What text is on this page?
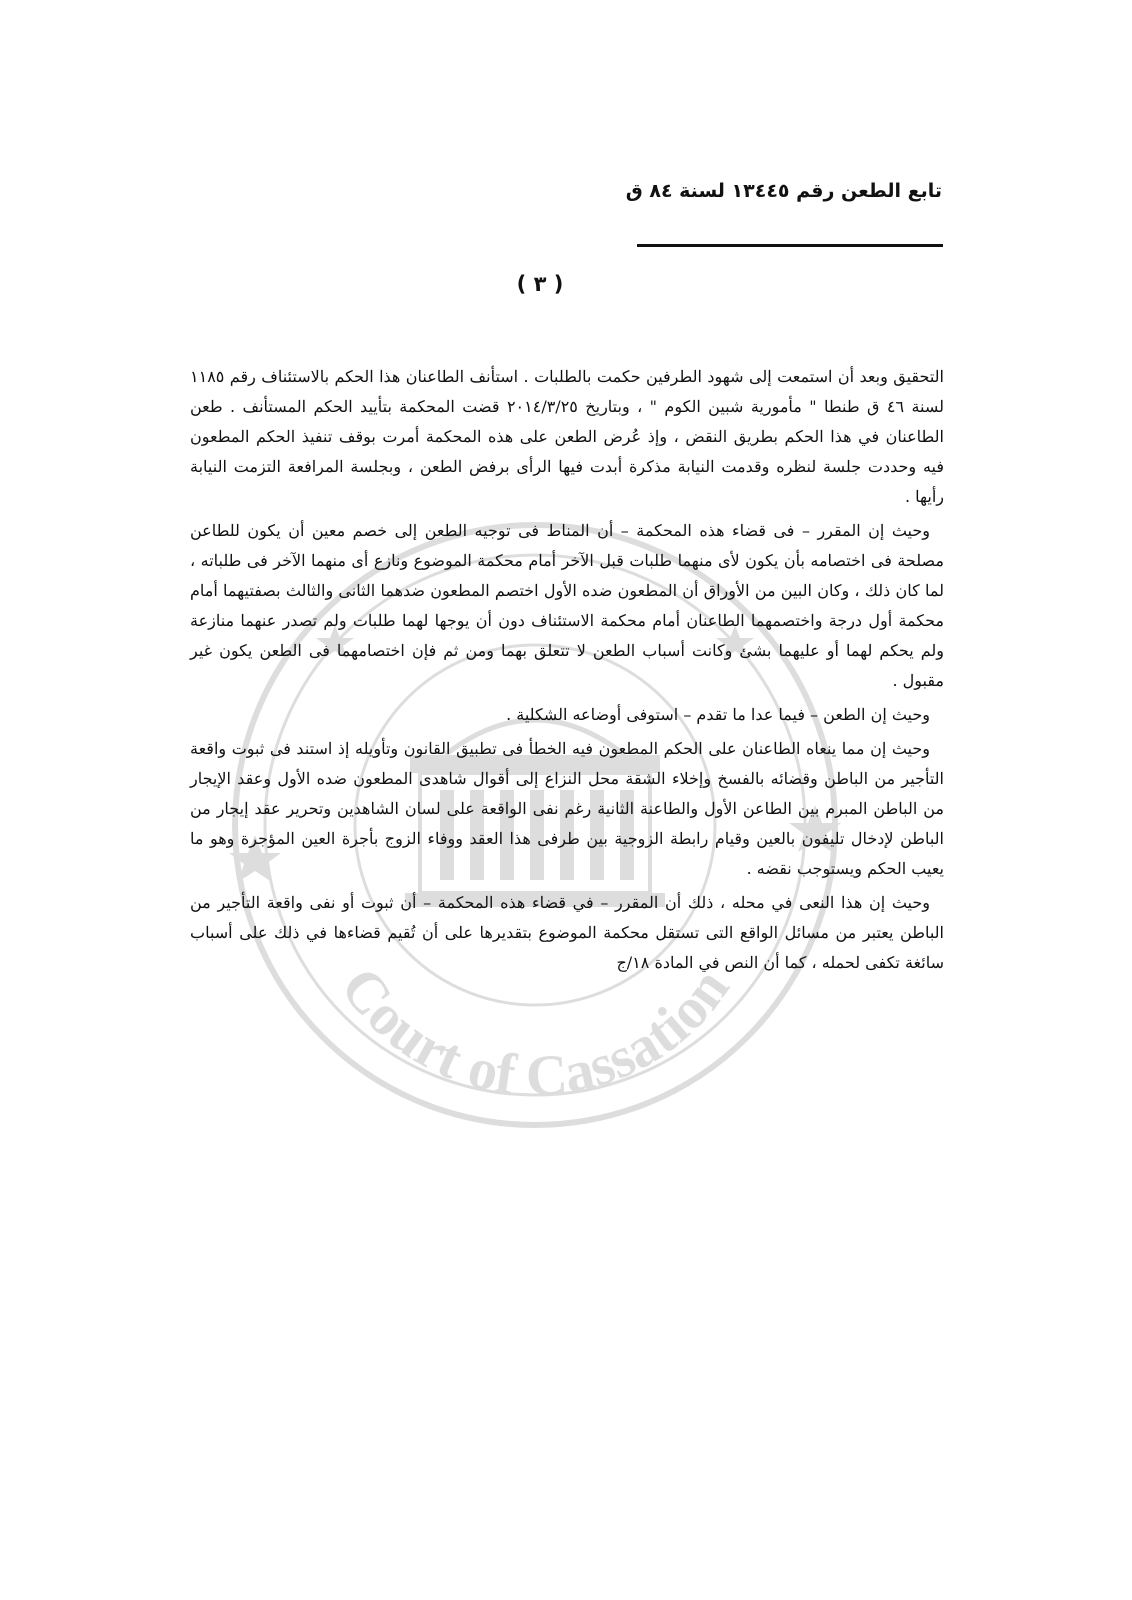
Court of Cassation
تابع الطعن رقم ١٣٤٤٥ لسنة ٨٤ ق
( ٣ )

التحقيق وبعد أن استمعت إلى شهود الطرفين حكمت بالطلبات . استأنف الطاعنان هذا الحكم بالاستئناف رقم ١١٨٥ لسنة ٤٦ ق طنطا " مأمورية شبين الكوم " ، وبتاريخ ٢٠١٤/٣/٢٥ قضت المحكمة بتأييد الحكم المستأنف . طعن الطاعنان في هذا الحكم بطريق النقض ، وإذ عُرض الطعن على هذه المحكمة أمرت بوقف تنفيذ الحكم المطعون فيه وحددت جلسة لنظره وقدمت النيابة مذكرة أبدت فيها الرأى برفض الطعن ، وبجلسة المرافعة التزمت النيابة رأيها .

وحيث إن المقرر – فى قضاء هذه المحكمة – أن المناط فى توجيه الطعن إلى خصم معين أن يكون للطاعن مصلحة فى اختصامه بأن يكون لأى منهما طلبات قبل الآخر أمام محكمة الموضوع ونازع أى منهما الآخر فى طلباته ، لما كان ذلك ، وكان البين من الأوراق أن المطعون ضده الأول اختصم المطعون ضدهما الثانى والثالث بصفتيهما أمام محكمة أول درجة واختصمهما الطاعنان أمام محكمة الاستئناف دون أن يوجها لهما طلبات ولم تصدر عنهما منازعة ولم يحكم لهما أو عليهما بشئ وكانت أسباب الطعن لا تتعلق بهما ومن ثم فإن اختصامهما فى الطعن يكون غير مقبول .

وحيث إن الطعن – فيما عدا ما تقدم – استوفى أوضاعه الشكلية .

وحيث إن مما ينعاه الطاعنان على الحكم المطعون فيه الخطأ فى تطبيق القانون وتأويله إذ استند فى ثبوت واقعة التأجير من الباطن وقضائه بالفسخ وإخلاء الشقة محل النزاع إلى أقوال شاهدى المطعون ضده الأول وعقد الإيجار من الباطن المبرم بين الطاعن الأول والطاعنة الثانية رغم نفى الواقعة على لسان الشاهدين وتحرير عقد إيجار من الباطن لإدخال تليفون بالعين وقيام رابطة الزوجية بين طرفى هذا العقد ووفاء الزوج بأجرة العين المؤجرة وهو ما يعيب الحكم ويستوجب نقضه .

وحيث إن هذا النعى في محله ، ذلك أن المقرر – في قضاء هذه المحكمة – أن ثبوت أو نفى واقعة التأجير من الباطن يعتبر من مسائل الواقع التى تستقل محكمة الموضوع بتقديرها على أن تُقيم قضاءها في ذلك على أسباب سائغة تكفى لحمله ، كما أن النص في المادة ١٨/ج
